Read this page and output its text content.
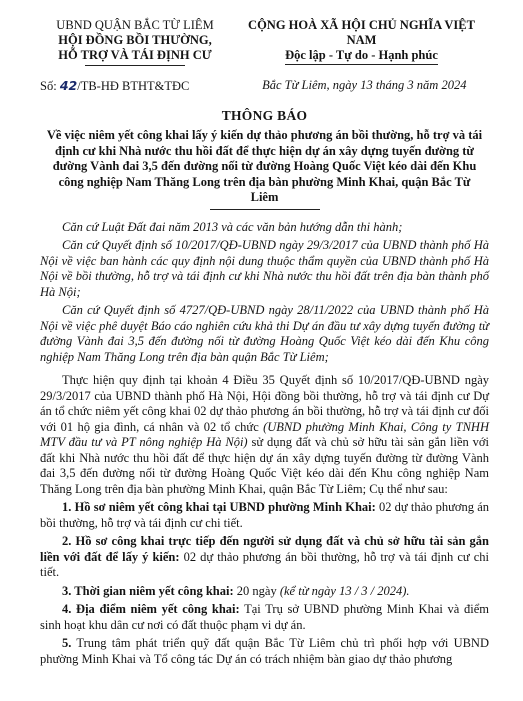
UBND QUẬN BẮC TỪ LIÊM
HỘI ĐỒNG BỒI THƯỜNG,
HỖ TRỢ VÀ TÁI ĐỊNH CƯ
CỘNG HOÀ XÃ HỘI CHỦ NGHĨA VIỆT NAM
Độc lập - Tự do - Hạnh phúc
Số: 42/TB-HĐ BTHT&TĐC	Bắc Từ Liêm, ngày 13 tháng 3 năm 2024
THÔNG BÁO
Về việc niêm yết công khai lấy ý kiến dự thảo phương án bồi thường, hỗ trợ và tái định cư khi Nhà nước thu hồi đất để thực hiện dự án xây dựng tuyến đường từ đường Vành đai 3,5 đến đường nối từ đường Hoàng Quốc Việt kéo dài đến Khu công nghiệp Nam Thăng Long trên địa bàn phường Minh Khai, quận Bắc Từ Liêm

Căn cứ Luật Đất đai năm 2013 và các văn bản hướng dẫn thi hành;

Căn cứ Quyết định số 10/2017/QĐ-UBND ngày 29/3/2017 của UBND thành phố Hà Nội về việc ban hành các quy định nội dung thuộc thẩm quyền của UBND thành phố Hà Nội về bồi thường, hỗ trợ và tái định cư khi Nhà nước thu hồi đất trên địa bàn thành phố Hà Nội;

Căn cứ Quyết định số 4727/QĐ-UBND ngày 28/11/2022 của UBND thành phố Hà Nội về việc phê duyệt Báo cáo nghiên cứu khả thi Dự án đầu tư xây dựng tuyến đường từ đường Vành đai 3,5 đến đường nối từ đường Hoàng Quốc Việt kéo dài đến Khu công nghiệp Nam Thăng Long trên địa bàn quận Bắc Từ Liêm;

Thực hiện quy định tại khoản 4 Điều 35 Quyết định số 10/2017/QĐ-UBND ngày 29/3/2017 của UBND thành phố Hà Nội, Hội đồng bồi thường, hỗ trợ và tái định cư Dự án tổ chức niêm yết công khai 02 dự thảo phương án bồi thường, hỗ trợ và tái định cư đối với 01 hộ gia đình, cá nhân và 02 tổ chức (UBND phường Minh Khai, Công ty TNHH MTV đầu tư và PT nông nghiệp Hà Nội) sử dụng đất và chủ sở hữu tài sản gắn liền với đất khi Nhà nước thu hồi đất để thực hiện dự án xây dựng tuyến đường từ đường Vành đai 3,5 đến đường nối từ đường Hoàng Quốc Việt kéo dài đến Khu công nghiệp Nam Thăng Long trên địa bàn phường Minh Khai, quận Bắc Từ Liêm; Cụ thể như sau:

1. Hồ sơ niêm yết công khai tại UBND phường Minh Khai: 02 dự thảo phương án bồi thường, hỗ trợ và tái định cư chi tiết.

2. Hồ sơ công khai trực tiếp đến người sử dụng đất và chủ sở hữu tài sản gắn liền với đất để lấy ý kiến: 02 dự thảo phương án bồi thường, hỗ trợ và tái định cư chi tiết.

3. Thời gian niêm yết công khai: 20 ngày (kể từ ngày 13 / 3 / 2024).

4. Địa điểm niêm yết công khai: Tại Trụ sở UBND phường Minh Khai và điểm sinh hoạt khu dân cư nơi có đất thuộc phạm vi dự án.

5. Trung tâm phát triển quỹ đất quận Bắc Từ Liêm chủ trì phối hợp với UBND phường Minh Khai và Tổ công tác Dự án có trách nhiệm bàn giao dự thảo phương
